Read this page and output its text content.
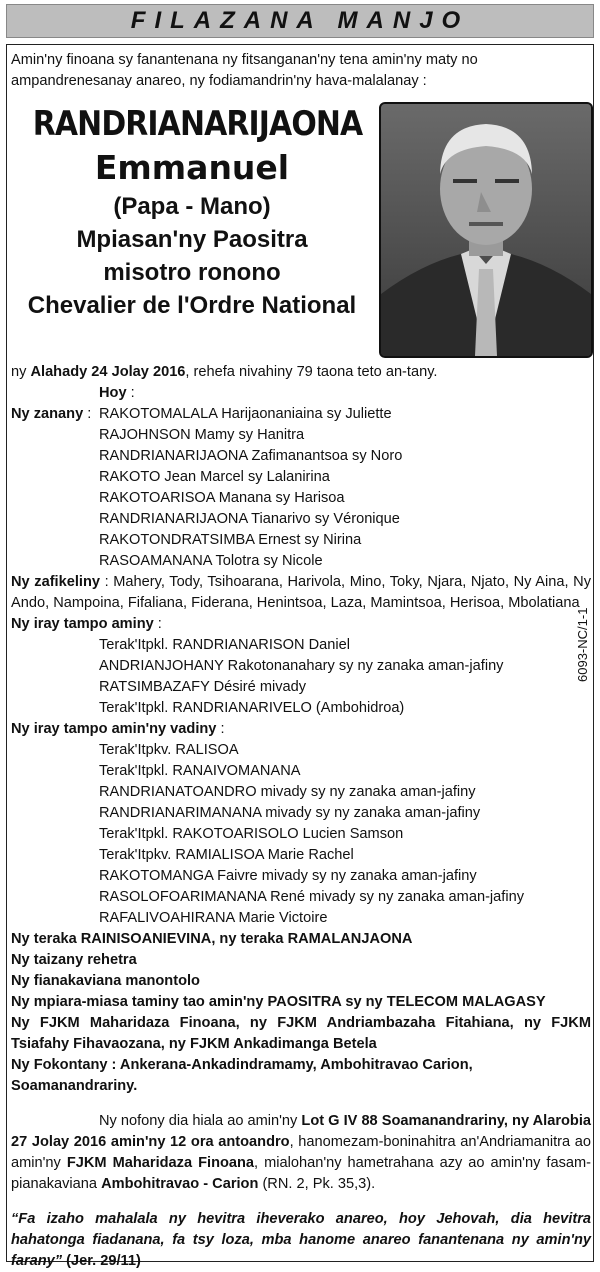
FILAZANA MANJO
6093-NC/1-1

Amin'ny finoana sy fanantenana ny fitsanganan'ny tena amin'ny maty no ampandrenesanay anareo, ny fodiamandrin'ny hava-malalanay :

RANDRIANARIJAONA
Emmanuel
(Papa - Mano)
Mpiasan'ny Paositra
misotro ronono
Chevalier de l'Ordre National

ny Alahady 24 Jolay 2016, rehefa nivahiny 79 taona teto an-tany.

Hoy :

Ny zanany : RAKOTOMALALA Harijaonaniaina sy Juliette

RAJOHNSON Mamy sy Hanitra

RANDRIANARIJAONA Zafimanantsoa sy Noro

RAKOTO Jean Marcel sy Lalanirina

RAKOTOARISOA Manana sy Harisoa

RANDRIANARIJAONA Tianarivo sy Véronique

RAKOTONDRATSIMBA Ernest sy Nirina

RASOAMANANA Tolotra sy Nicole

Ny zafikeliny : Mahery, Tody, Tsihoarana, Harivola, Mino, Toky, Njara, Njato, Ny Aina, Ny Ando, Nampoina, Fifaliana, Fiderana, Henintsoa, Laza, Mamintsoa, Herisoa, Mbolatiana

Ny iray tampo aminy :

Terak'Itpkl. RANDRIANARISON Daniel

ANDRIANJOHANY Rakotonanahary sy ny zanaka aman-jafiny

RATSIMBAZAFY Désiré mivady

Terak'Itpkl. RANDRIANARIVELO (Ambohidroa)

Ny iray tampo amin'ny vadiny :

Terak'Itpkv. RALISOA

Terak'Itpkl. RANAIVOMANANA

RANDRIANATOANDRO mivady sy ny zanaka aman-jafiny

RANDRIANARIMANANA mivady sy ny zanaka aman-jafiny

Terak'Itpkl. RAKOTOARISOLO Lucien Samson

Terak'Itpkv. RAMIALISOA Marie Rachel

RAKOTOMANGA Faivre mivady sy ny zanaka aman-jafiny

RASOLOFOARIMANANA René mivady sy ny zanaka aman-jafiny

RAFALIVOAHIRANA Marie Victoire

Ny teraka RAINISOANIEVINA, ny teraka RAMALANJAONA

Ny taizany rehetra

Ny fianakaviana manontolo

Ny mpiara-miasa taminy tao amin'ny PAOSITRA sy ny TELECOM MALAGASY

Ny FJKM Maharidaza Finoana, ny FJKM Andriambazaha Fitahiana, ny FJKM Tsiafahy Fihavaozana, ny FJKM Ankadimanga Betela

Ny Fokontany : Ankerana-Ankadindramamy, Ambohitravao Carion, Soamanandrariny.

Ny nofony dia hiala ao amin'ny Lot G IV 88 Soamanandrariny, ny Alarobia 27 Jolay 2016 amin'ny 12 ora antoandro, hanomezam-boninahitra an'Andriamanitra ao amin'ny FJKM Maharidaza Finoana, mialohan'ny hametrahana azy ao amin'ny fasam-pianakaviana Ambohitravao - Carion (RN. 2, Pk. 35,3).

“Fa izaho mahalala ny hevitra iheverako anareo, hoy Jehovah, dia hevitra hahatonga fiadanana, fa tsy loza, mba hanome anareo fanantenana ny amin'ny farany” (Jer. 29/11)
